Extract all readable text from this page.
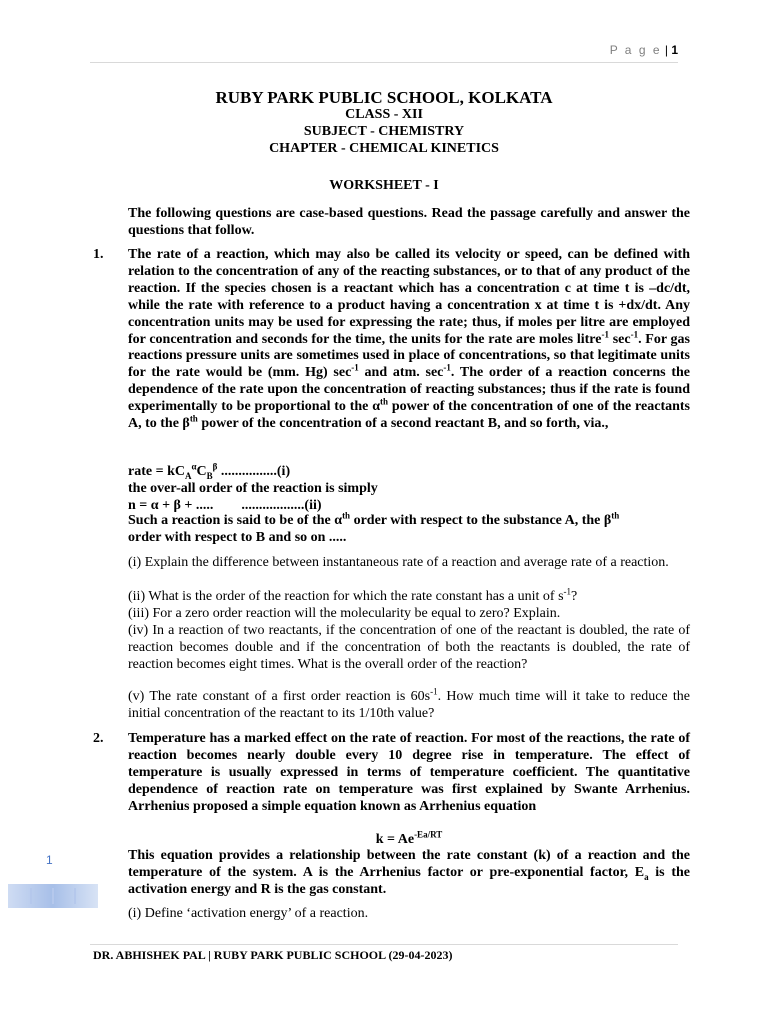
P a g e | 1
RUBY PARK PUBLIC SCHOOL, KOLKATA
CLASS - XII
SUBJECT - CHEMISTRY
CHAPTER - CHEMICAL KINETICS
WORKSHEET - I
The following questions are case-based questions. Read the passage carefully and answer the questions that follow.
1. The rate of a reaction, which may also be called its velocity or speed, can be defined with relation to the concentration of any of the reacting substances, or to that of any product of the reaction. If the species chosen is a reactant which has a concentration c at time t is –dc/dt, while the rate with reference to a product having a concentration x at time t is +dx/dt. Any concentration units may be used for expressing the rate; thus, if moles per litre are employed for concentration and seconds for the time, the units for the rate are moles litre$^{-1}$ $\sec^{-1}$. For gas reactions pressure units are sometimes used in place of concentrations, so that legitimate units for the rate would be (mm. Hg) $\sec^{-1}$ and atm. $\sec^{-1}$. The order of a reaction concerns the dependence of the rate upon the concentration of reacting substances; thus if the rate is found experimentally to be proportional to the $\alpha^{th}$ power of the concentration of one of the reactants A, to the $\beta^{th}$ power of the concentration of a second reactant B, and so forth, via.,
rate = $kC_A^\alpha C_B^\beta$ ................(i)
the over-all order of the reaction is simply
n = α + β + ..... ..................(ii)
Such a reaction is said to be of the $\alpha^{th}$ order with respect to the substance A, the $\beta^{th}$
order with respect to B and so on .....
(i) Explain the difference between instantaneous rate of a reaction and average rate of a reaction.
(ii) What is the order of the reaction for which the rate constant has a unit of $s^{-1}$?
(iii) For a zero order reaction will the molecularity be equal to zero? Explain.
(iv) In a reaction of two reactants, if the concentration of one of the reactant is doubled, the rate of reaction becomes double and if the concentration of both the reactants is doubled, the rate of reaction becomes eight times. What is the overall order of the reaction?
(v) The rate constant of a first order reaction is $60s^{-1}$. How much time will it take to reduce the initial concentration of the reactant to its 1/10th value?
2. Temperature has a marked effect on the rate of reaction. For most of the reactions, the rate of reaction becomes nearly double every 10 degree rise in temperature. The effect of temperature is usually expressed in terms of temperature coefficient. The quantitative dependence of reaction rate on temperature was first explained by Swante Arrhenius. Arrhenius proposed a simple equation known as Arrhenius equation
$k = Ae^{-Ea/RT}$
This equation provides a relationship between the rate constant (k) of a reaction and the temperature of the system. A is the Arrhenius factor or pre-exponential factor, $E_a$ is the activation energy and R is the gas constant.
(i) Define ‘activation energy’ of a reaction.
1
DR. ABHISHEK PAL | RUBY PARK PUBLIC SCHOOL (29-04-2023)
